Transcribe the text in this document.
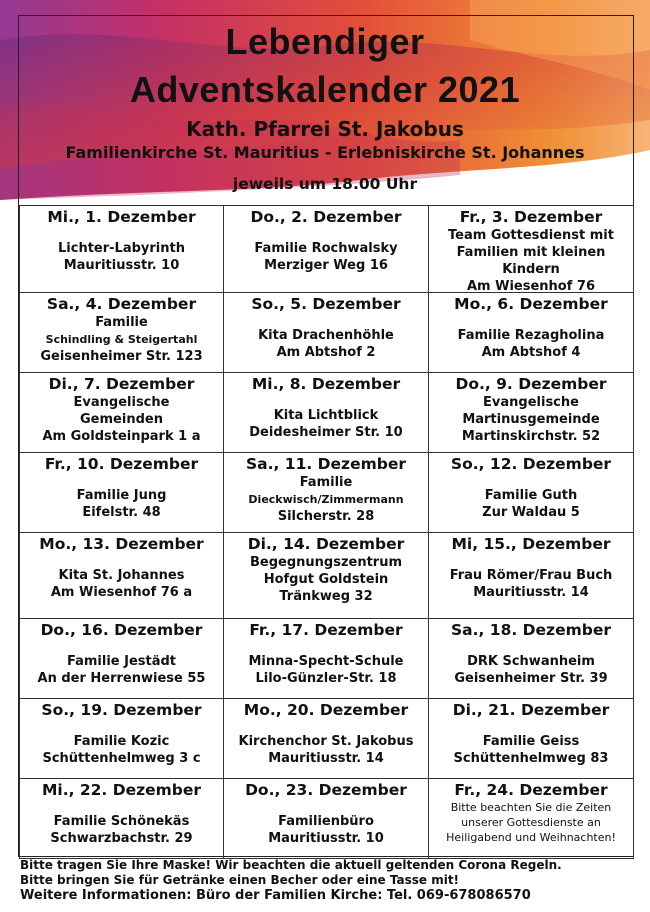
Lebendiger
Adventskalender 2021
Kath. Pfarrei St. Jakobus
Familienkirche St. Mauritius - Erlebniskirche St. Johannes
jeweils um 18.00 Uhr
Mi., 1. Dezember
Lichter-Labyrinth
Mauritiusstr. 10
Do., 2. Dezember
Familie Rochwalsky
Merziger Weg 16
Fr., 3. Dezember
Team Gottesdienst mit
Familien mit kleinen
Kindern
Am Wiesenhof 76
Sa., 4. Dezember
Familie
Schindling & Steigertahl
Geisenheimer Str. 123
So., 5. Dezember
Kita Drachenhöhle
Am Abtshof 2
Mo., 6. Dezember
Familie Rezagholina
Am Abtshof 4
Di., 7. Dezember
Evangelische
Gemeinden
Am Goldsteinpark 1 a
Mi., 8. Dezember
Kita Lichtblick
Deidesheimer Str. 10
Do., 9. Dezember
Evangelische
Martinusgemeinde
Martinskirchstr. 52
Fr., 10. Dezember
Familie Jung
Eifelstr. 48
Sa., 11. Dezember
Familie
Dieckwisch/Zimmermann
Silcherstr. 28
So., 12. Dezember
Familie Guth
Zur Waldau 5
Mo., 13. Dezember
Kita St. Johannes
Am Wiesenhof 76 a
Di., 14. Dezember
Begegnungszentrum
Hofgut Goldstein
Tränkweg 32
Mi, 15., Dezember
Frau Römer/Frau Buch
Mauritiusstr. 14
Do., 16. Dezember
Familie Jestädt
An der Herrenwiese 55
Fr., 17. Dezember
Minna-Specht-Schule
Lilo-Günzler-Str. 18
Sa., 18. Dezember
DRK Schwanheim
Geisenheimer Str. 39
So., 19. Dezember
Familie Kozic
Schüttenhelmweg 3 c
Mo., 20. Dezember
Kirchenchor St. Jakobus
Mauritiusstr. 14
Di., 21. Dezember
Familie Geiss
Schüttenhelmweg 83
Mi., 22. Dezember
Familie Schönekäs
Schwarzbachstr. 29
Do., 23. Dezember
Familienbüro
Mauritiusstr. 10
Fr., 24. Dezember
Bitte beachten Sie die Zeiten
unserer Gottesdienste an
Heiligabend und Weihnachten!
Bitte tragen Sie Ihre Maske! Wir beachten die aktuell geltenden Corona Regeln.
Bitte bringen Sie für Getränke einen Becher oder eine Tasse mit!
Weitere Informationen: Büro der Familien Kirche: Tel. 069-678086570
